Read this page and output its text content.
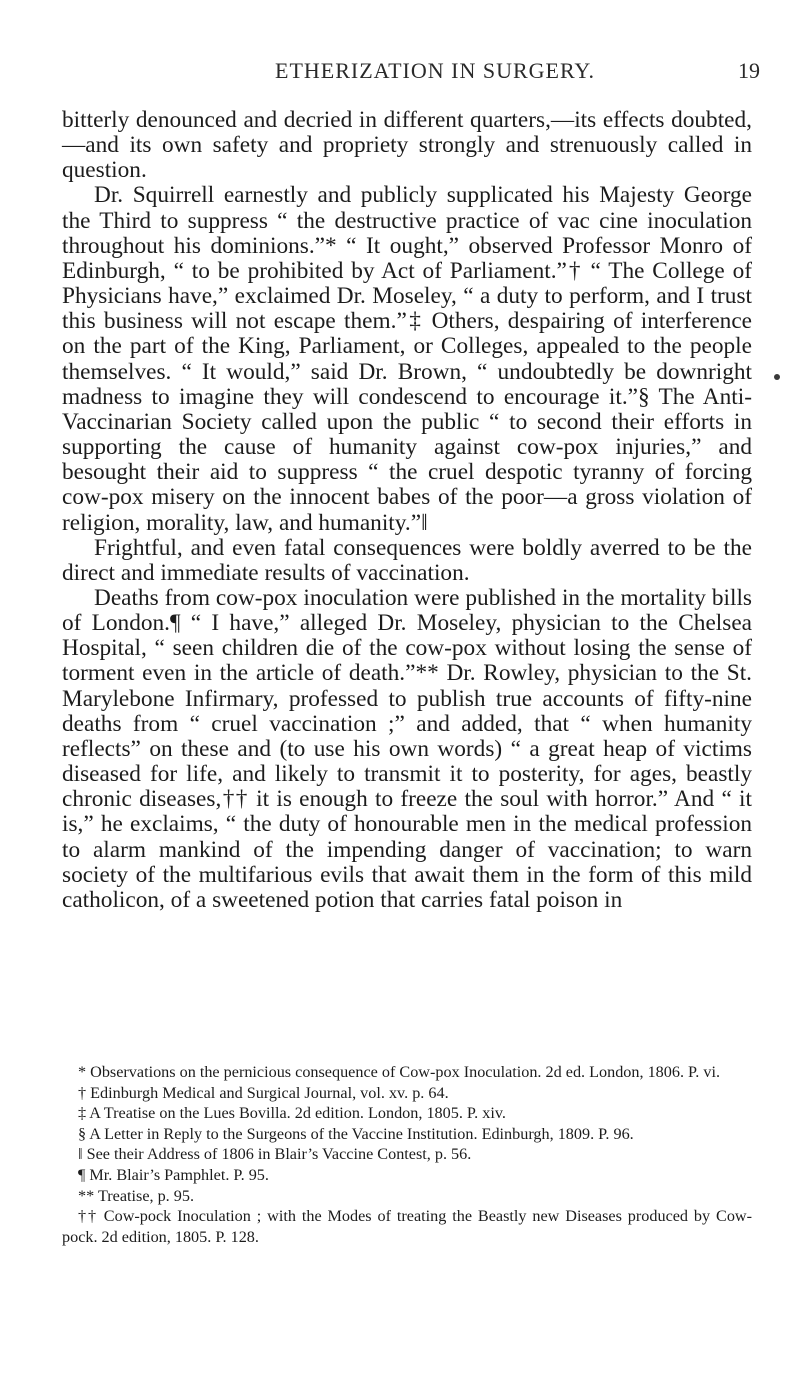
ETHERIZATION IN SURGERY.	19

bitterly denounced and decried in different quarters,—its effects doubted,—and its own safety and propriety strongly and strenuously called in question.

Dr. Squirrell earnestly and publicly supplicated his Majesty George the Third to suppress “ the destructive practice of vac cine inoculation throughout his dominions.”* “ It ought,” observed Professor Monro of Edinburgh, “ to be prohibited by Act of Parliament.”† “ The College of Physicians have,” exclaimed Dr. Moseley, “ a duty to perform, and I trust this business will not escape them.”‡ Others, despairing of interference on the part of the King, Parliament, or Colleges, appealed to the people themselves. “ It would,” said Dr. Brown, “ undoubtedly be downright madness to imagine they will condescend to encourage it.”§ The Anti-Vaccinarian Society called upon the public “ to second their efforts in supporting the cause of humanity against cow-pox injuries,” and besought their aid to suppress “ the cruel despotic tyranny of forcing cow-pox misery on the innocent babes of the poor—a gross violation of religion, morality, law, and humanity.”‖

Frightful, and even fatal consequences were boldly averred to be the direct and immediate results of vaccination.

Deaths from cow-pox inoculation were published in the mortality bills of London.¶ “ I have,” alleged Dr. Moseley, physician to the Chelsea Hospital, “ seen children die of the cow-pox without losing the sense of torment even in the article of death.”** Dr. Rowley, physician to the St. Marylebone Infirmary, professed to publish true accounts of fifty-nine deaths from “ cruel vaccination ;” and added, that “ when humanity reflects” on these and (to use his own words) “ a great heap of victims diseased for life, and likely to transmit it to posterity, for ages, beastly chronic diseases,†† it is enough to freeze the soul with horror.” And “ it is,” he exclaims, “ the duty of honourable men in the medical profession to alarm mankind of the impending danger of vaccination; to warn society of the multifarious evils that await them in the form of this mild catholicon, of a sweetened potion that carries fatal poison in

* Observations on the pernicious consequence of Cow-pox Inoculation. 2d ed. London, 1806. P. vi.

† Edinburgh Medical and Surgical Journal, vol. xv. p. 64.

‡ A Treatise on the Lues Bovilla. 2d edition. London, 1805. P. xiv.

§ A Letter in Reply to the Surgeons of the Vaccine Institution. Edinburgh, 1809. P. 96.

‖ See their Address of 1806 in Blair’s Vaccine Contest, p. 56.

¶ Mr. Blair’s Pamphlet. P. 95.

** Treatise, p. 95.

†† Cow-pock Inoculation ; with the Modes of treating the Beastly new Diseases produced by Cow-pock. 2d edition, 1805. P. 128.
